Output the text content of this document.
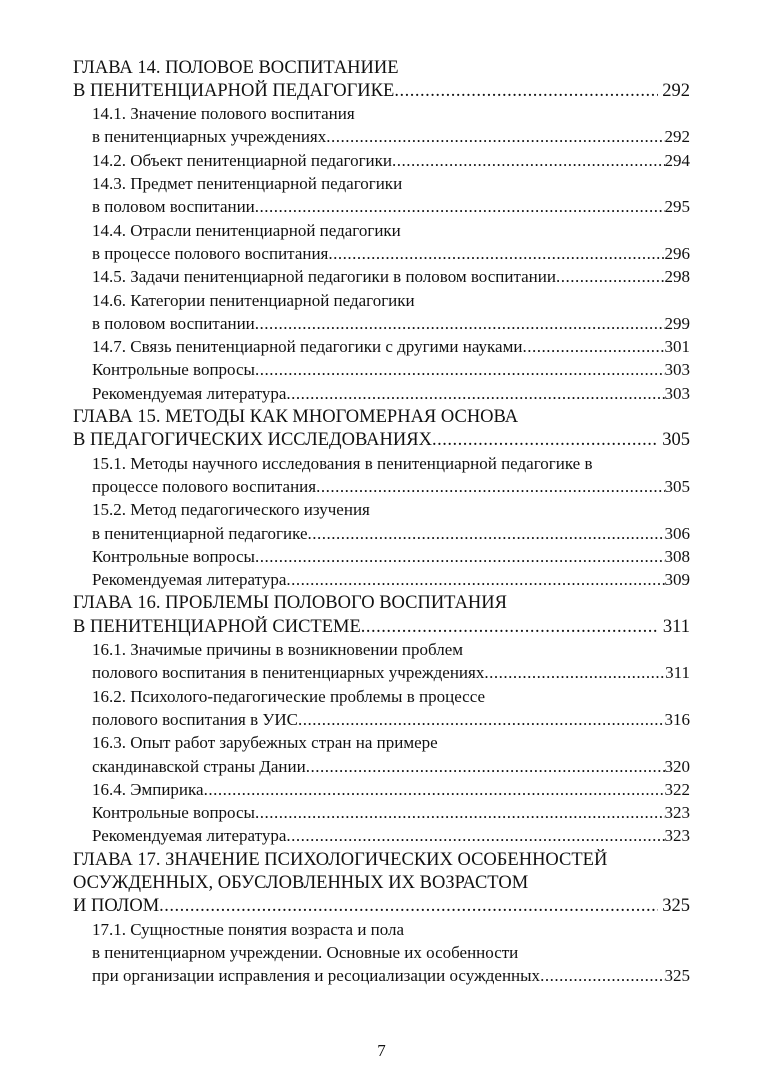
ГЛАВА 14. ПОЛОВОЕ ВОСПИТАНИИЕ
В ПЕНИТЕНЦИАРНОЙ ПЕДАГОГИКЕ .....	292
14.1. Значение полового воспитания
в пенитенциарных учреждениях .....	292
14.2. Объект пенитенциарной педагогики .....	294
14.3. Предмет пенитенциарной педагогики
в половом воспитании .....	295
14.4. Отрасли пенитенциарной педагогики
в процессе полового воспитания .....	296
14.5. Задачи пенитенциарной педагогики в половом воспитании .....	298
14.6. Категории пенитенциарной педагогики
в половом воспитании .....	299
14.7. Связь пенитенциарной педагогики с другими науками .....	301
Контрольные вопросы .....	303
Рекомендуемая литература .....	303
ГЛАВА 15. МЕТОДЫ КАК МНОГОМЕРНАЯ ОСНОВА
В ПЕДАГОГИЧЕСКИХ ИССЛЕДОВАНИЯХ .....	305
15.1. Методы научного исследования в пенитенциарной педагогике в
процессе полового воспитания .....	305
15.2. Метод педагогического изучения
в пенитенциарной педагогике .....	306
Контрольные вопросы .....	308
Рекомендуемая литература .....	309
ГЛАВА 16. ПРОБЛЕМЫ ПОЛОВОГО ВОСПИТАНИЯ
В ПЕНИТЕНЦИАРНОЙ СИСТЕМЕ .....	311
16.1. Значимые причины в возникновении проблем
полового воспитания в пенитенциарных учреждениях .....	311
16.2. Психолого-педагогические проблемы в процессе
полового воспитания в УИС .....	316
16.3. Опыт работ зарубежных стран на примере
скандинавской страны Дании .....	320
16.4. Эмпирика .....	322
Контрольные вопросы .....	323
Рекомендуемая литература .....	323
ГЛАВА 17. ЗНАЧЕНИЕ ПСИХОЛОГИЧЕСКИХ ОСОБЕННОСТЕЙ
ОСУЖДЕННЫХ, ОБУСЛОВЛЕННЫХ ИХ ВОЗРАСТОМ
И ПОЛОМ .....	325
17.1. Сущностные понятия возраста и пола
в пенитенциарном учреждении. Основные их особенности
при организации исправления и ресоциализации осужденных .....	325
7
